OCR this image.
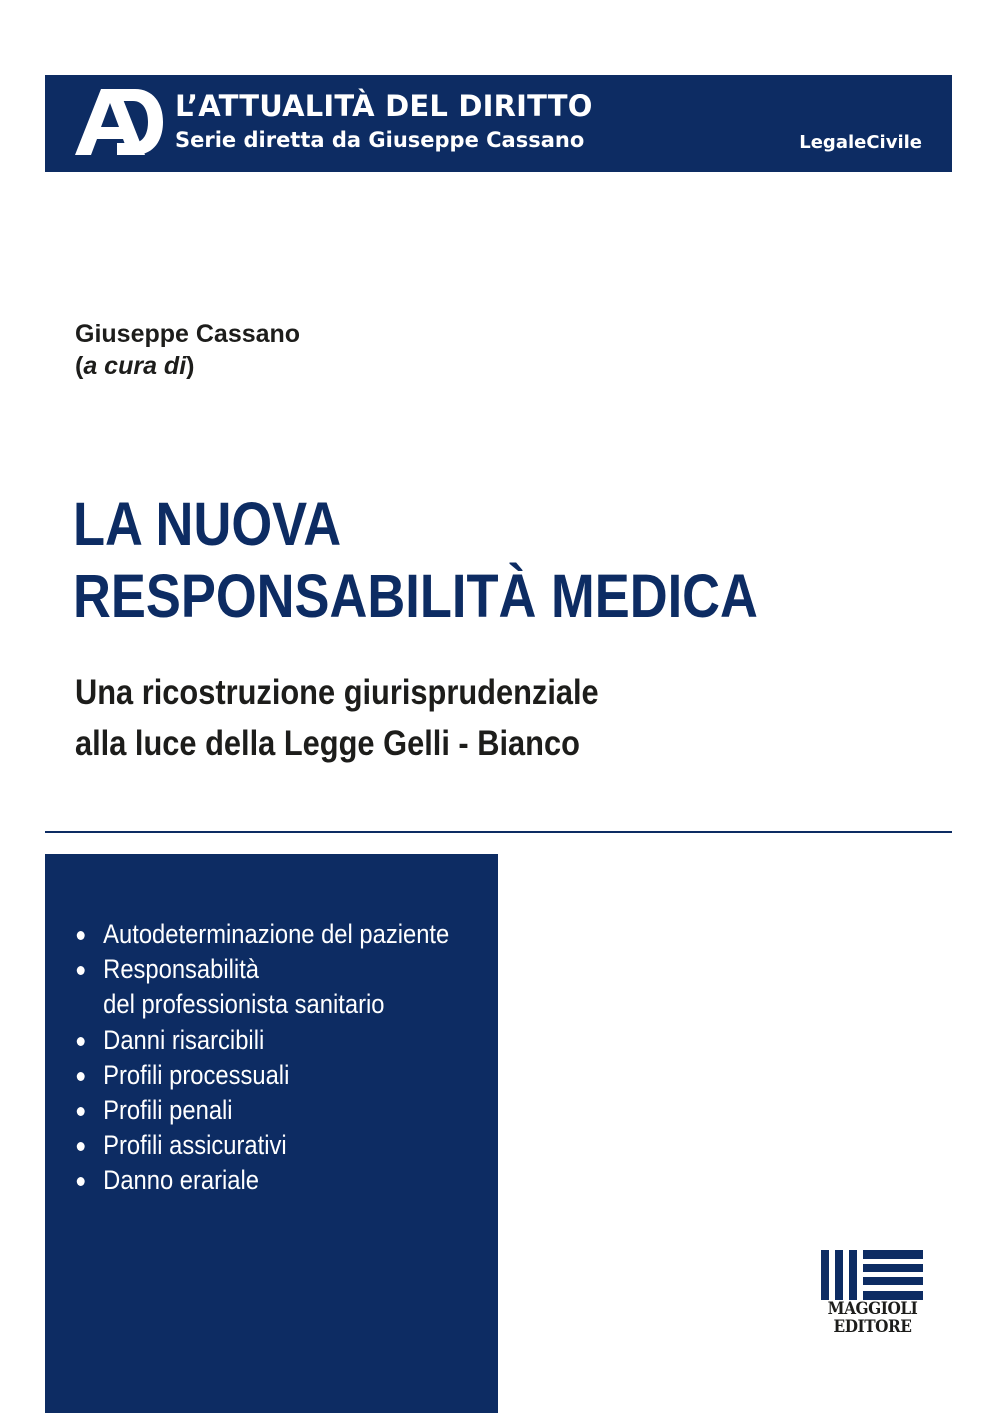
L’ATTUALITÀ DEL DIRITTO
Serie diretta da Giuseppe Cassano	LegaleCivile
Giuseppe Cassano
(a cura di)
LA NUOVA
RESPONSABILITÀ MEDICA
Una ricostruzione giurisprudenziale
alla luce della Legge Gelli - Bianco
Autodeterminazione del paziente
Responsabilità
del professionista sanitario
Danni risarcibili
Profili processuali
Profili penali
Profili assicurativi
Danno erariale
MAGGIOLI
EDITORE
